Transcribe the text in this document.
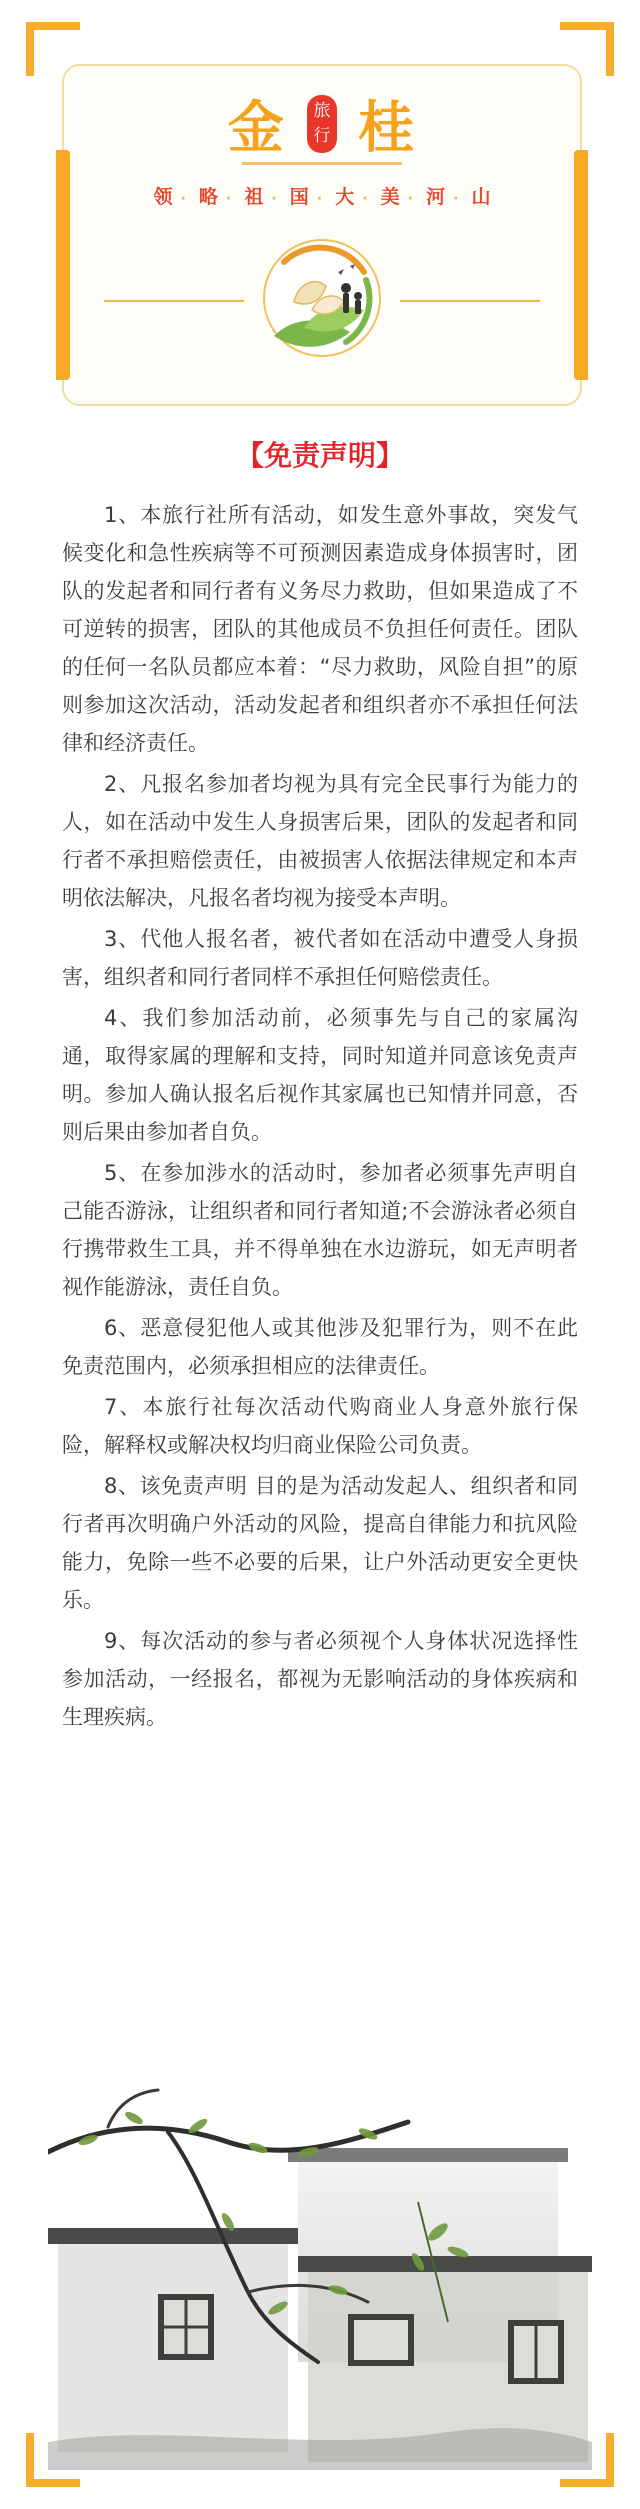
金 旅行 桂
领 · 略 · 祖 · 国 · 大 · 美 · 河 · 山
【免责声明】

1、本旅行社所有活动，如发生意外事故，突发气候变化和急性疾病等不可预测因素造成身体损害时，团队的发起者和同行者有义务尽力救助，但如果造成了不可逆转的损害，团队的其他成员不负担任何责任。团队的任何一名队员都应本着：“尽力救助，风险自担”的原则参加这次活动，活动发起者和组织者亦不承担任何法律和经济责任。

2、凡报名参加者均视为具有完全民事行为能力的人，如在活动中发生人身损害后果，团队的发起者和同行者不承担赔偿责任，由被损害人依据法律规定和本声明依法解决，凡报名者均视为接受本声明。

3、代他人报名者，被代者如在活动中遭受人身损害，组织者和同行者同样不承担任何赔偿责任。

4、我们参加活动前，必须事先与自己的家属沟通，取得家属的理解和支持，同时知道并同意该免责声明。参加人确认报名后视作其家属也已知情并同意，否则后果由参加者自负。

5、在参加涉水的活动时，参加者必须事先声明自己能否游泳，让组织者和同行者知道;不会游泳者必须自行携带救生工具，并不得单独在水边游玩，如无声明者视作能游泳，责任自负。

6、恶意侵犯他人或其他涉及犯罪行为，则不在此免责范围内，必须承担相应的法律责任。

7、本旅行社每次活动代购商业人身意外旅行保险，解释权或解决权均归商业保险公司负责。

8、该免责声明 目的是为活动发起人、组织者和同行者再次明确户外活动的风险，提高自律能力和抗风险能力，免除一些不必要的后果，让户外活动更安全更快乐。

9、每次活动的参与者必须视个人身体状况选择性参加活动，一经报名，都视为无影响活动的身体疾病和生理疾病。
